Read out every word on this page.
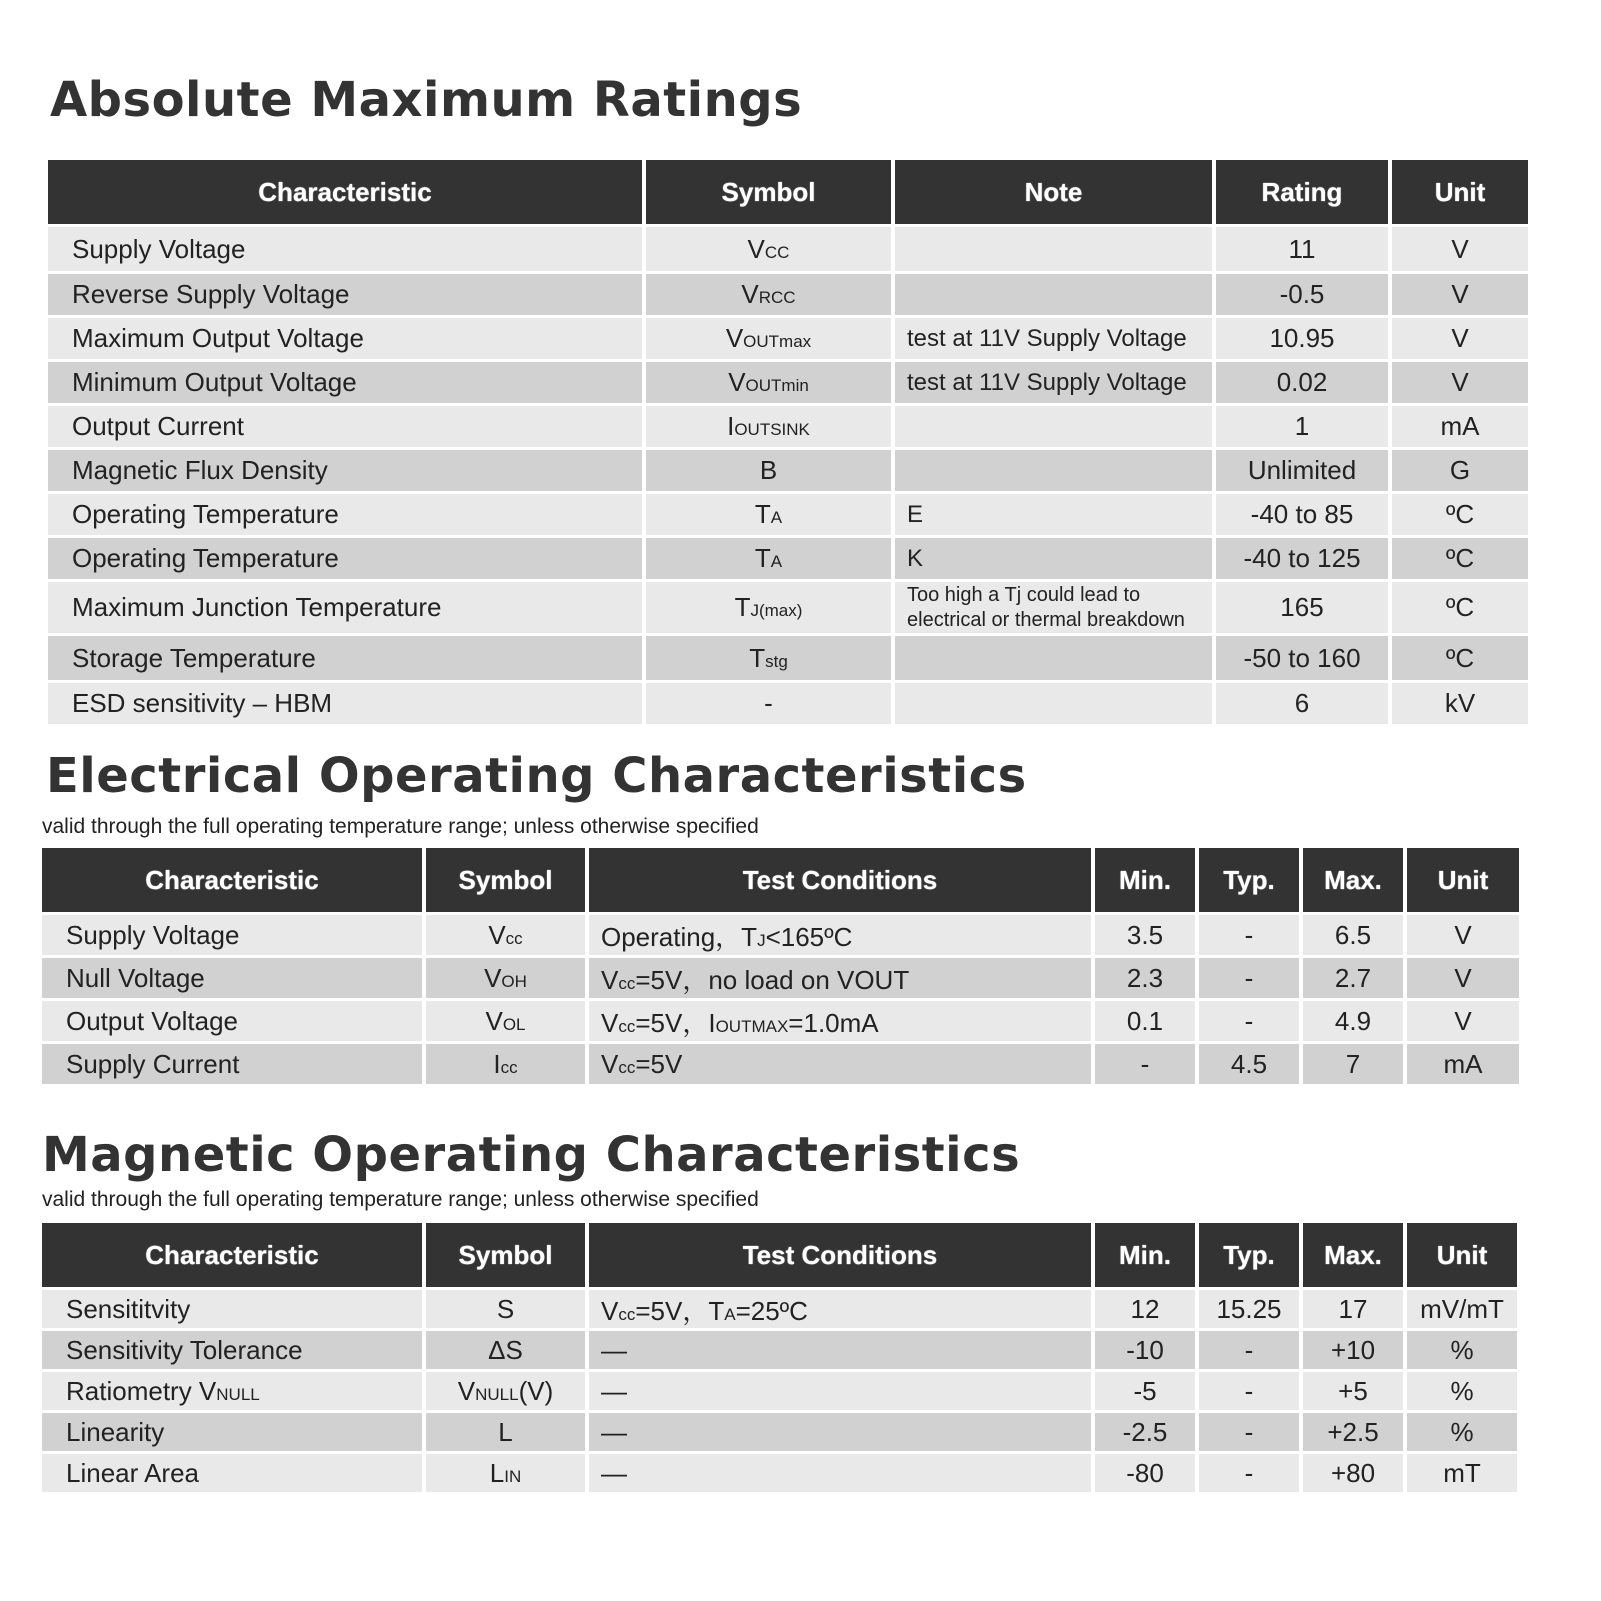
Absolute Maximum Ratings
Characteristic	Symbol	Note	Rating	Unit
Supply Voltage	VCC		11	V
Reverse Supply Voltage	VRCC		-0.5	V
Maximum Output Voltage	VOUTmax	test at 11V Supply Voltage	10.95	V
Minimum Output Voltage	VOUTmin	test at 11V Supply Voltage	0.02	V
Output Current	IOUTSINK		1	mA
Magnetic Flux Density	B		Unlimited	G
Operating Temperature	TA	E	-40 to 85	ºC
Operating Temperature	TA	K	-40 to 125	ºC
Maximum Junction Temperature	TJ(max)	Too high a Tj could lead to electrical or thermal breakdown	165	ºC
Storage Temperature	Tstg		-50 to 160	ºC
ESD sensitivity – HBM	-		6	kV
Electrical Operating Characteristics

valid through the full operating temperature range; unless otherwise specified

Characteristic	Symbol	Test Conditions	Min.	Typ.	Max.	Unit
Supply Voltage	Vcc	Operating，TJ<165ºC	3.5	-	6.5	V
Null Voltage	VOH	Vcc=5V，no load on VOUT	2.3	-	2.7	V
Output Voltage	VOL	Vcc=5V，IOUTMAX=1.0mA	0.1	-	4.9	V
Supply Current	Icc	Vcc=5V	-	4.5	7	mA
Magnetic Operating Characteristics

valid through the full operating temperature range; unless otherwise specified

Characteristic	Symbol	Test Conditions	Min.	Typ.	Max.	Unit
Sensititvity	S	Vcc=5V，TA=25ºC	12	15.25	17	mV/mT
Sensitivity Tolerance	ΔS	—	-10	-	+10	%
Ratiometry VNULL	VNULL(V)	—	-5	-	+5	%
Linearity	L	—	-2.5	-	+2.5	%
Linear Area	LIN	—	-80	-	+80	mT
